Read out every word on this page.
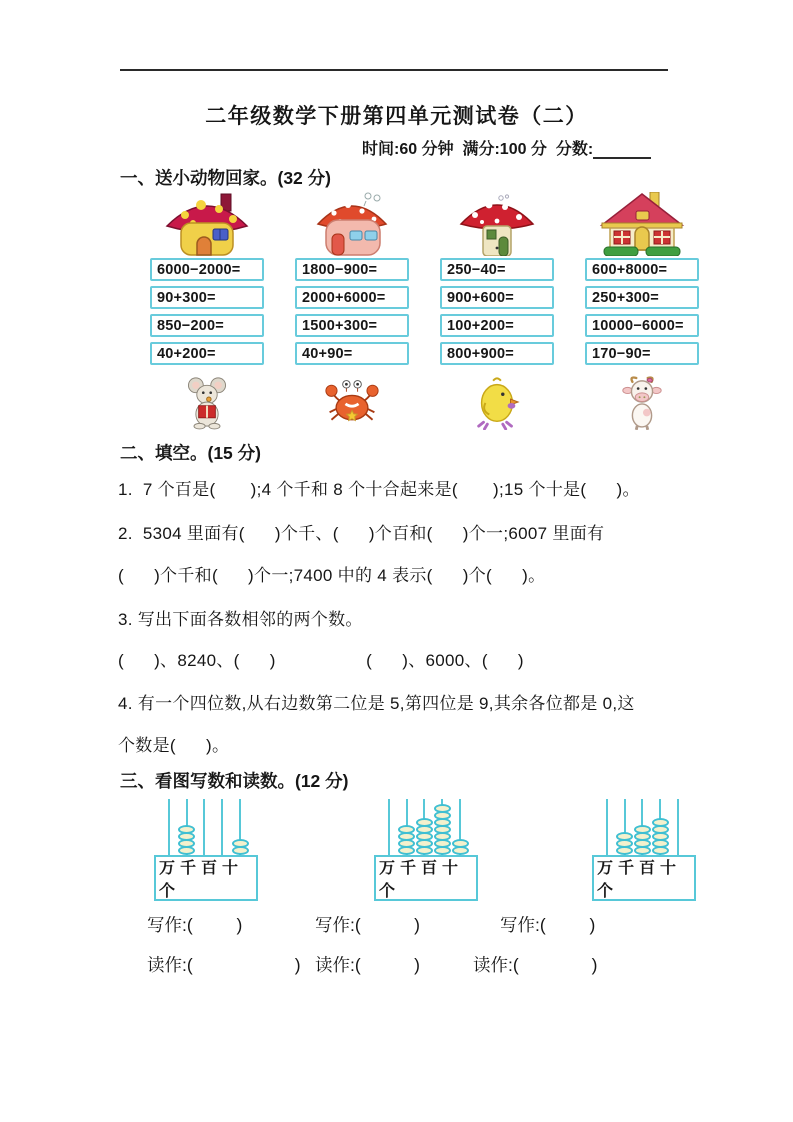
二年级数学下册第四单元测试卷（二）
时间:60 分钟  满分:100 分  分数:
一、送小动物回家。(32 分)
6000−2000=
90+300=
850−200=
40+200=
1800−900=
2000+6000=
1500+300=
40+90=
250−40=
900+600=
100+200=
800+900=
600+8000=
250+300=
10000−6000=
170−90=
二、填空。(15 分)
1.  7 个百是(       );4 个千和 8 个十合起来是(       );15 个十是(      )。
2.  5304 里面有(      )个千、(      )个百和(      )个一;6007 里面有
(      )个千和(      )个一;7400 中的 4 表示(      )个(      )。
3. 写出下面各数相邻的两个数。
(      )、8240、(      )                  (      )、6000、(      )
4. 有一个四位数,从右边数第二位是 5,第四位是 9,其余各位都是 0,这
个数是(      )。
三、看图写数和读数。(12 分)
万千百十个
万千百十个
万千百十个
写作:(         )	写作:(           )	写作:(         )
读作:(                     ) 读作:(           )	读作:(               )
